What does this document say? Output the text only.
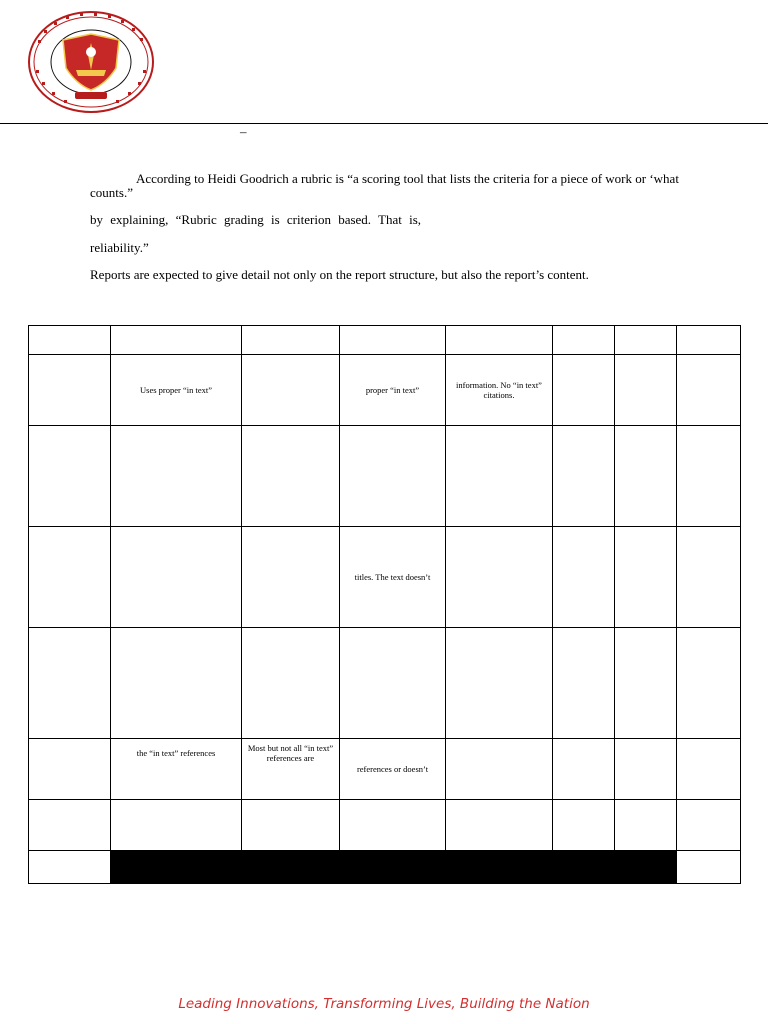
–

According to Heidi Goodrich a rubric is “a scoring tool that lists the criteria for a piece of work or ‘what counts.”

by explaining, “Rubric grading is criterion based. That is,

reliability.”

Reports are expected to give detail not only on the report structure, but also the report’s content.

	Uses proper “in text”		proper “in text”	information. No “in text” citations.			

			titles. The text doesn’t				

	the “in text” references	Most but not all “in text” references are	references or doesn’t				

Leading Innovations, Transforming Lives, Building the Nation
